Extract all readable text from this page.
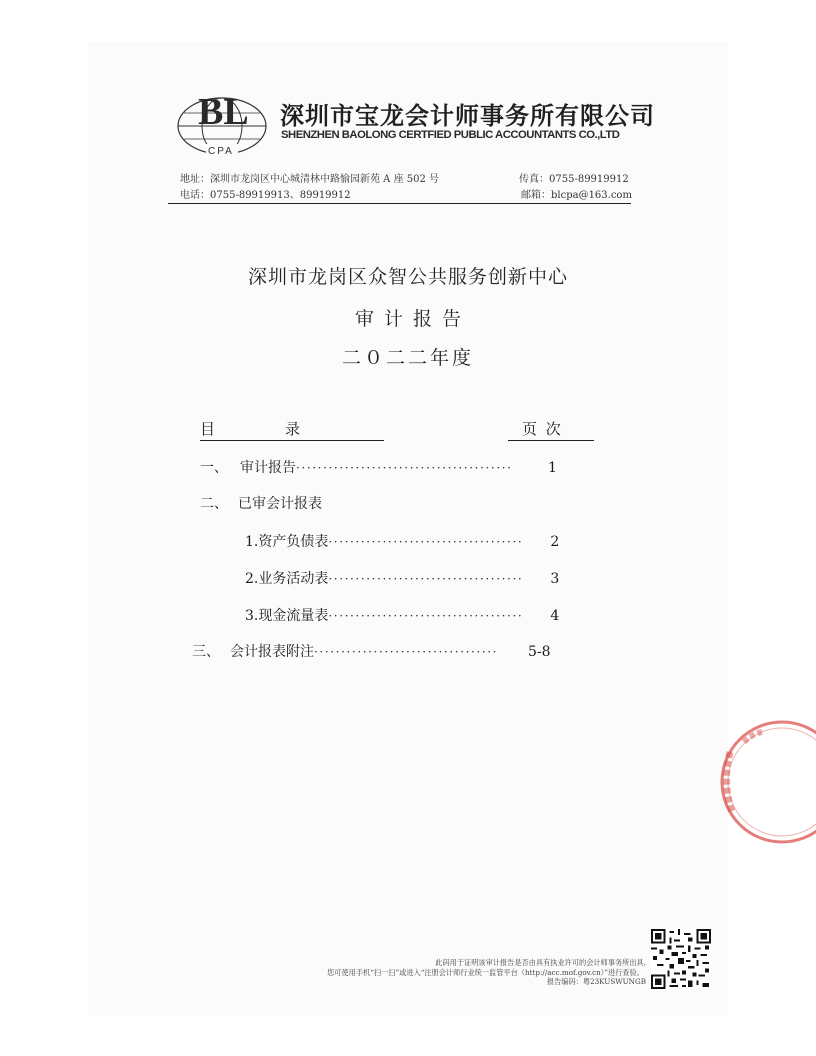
BL
CPA
深圳市宝龙会计师事务所有限公司
SHENZHEN BAOLONG CERTFIED PUBLIC ACCOUNTANTS CO.,LTD
地址：深圳市龙岗区中心城清林中路愉园新苑 A 座 502 号
电话：0755-89919913、89919912
传真：0755-89919912
邮箱：blcpa@163.com
深圳市龙岗区众智公共服务创新中心
审计报告
二０二二年度
目	录	页 次
一、 审计报告 ········································	1
二、 已审会计报表
1.资产负债表 ····································	2
2.业务活动表 ····································	3
3.现金流量表 ····································	4
三、 会计报表附注 ··································	5-8
此码用于证明该审计报告是否由具有执业许可的会计师事务所出具,
您可使用手机“扫一扫”或进入“注册会计师行业统一监管平台（http://acc.mof.gov.cn）”进行查验。
报告编码：粤23KUSWUNGB
